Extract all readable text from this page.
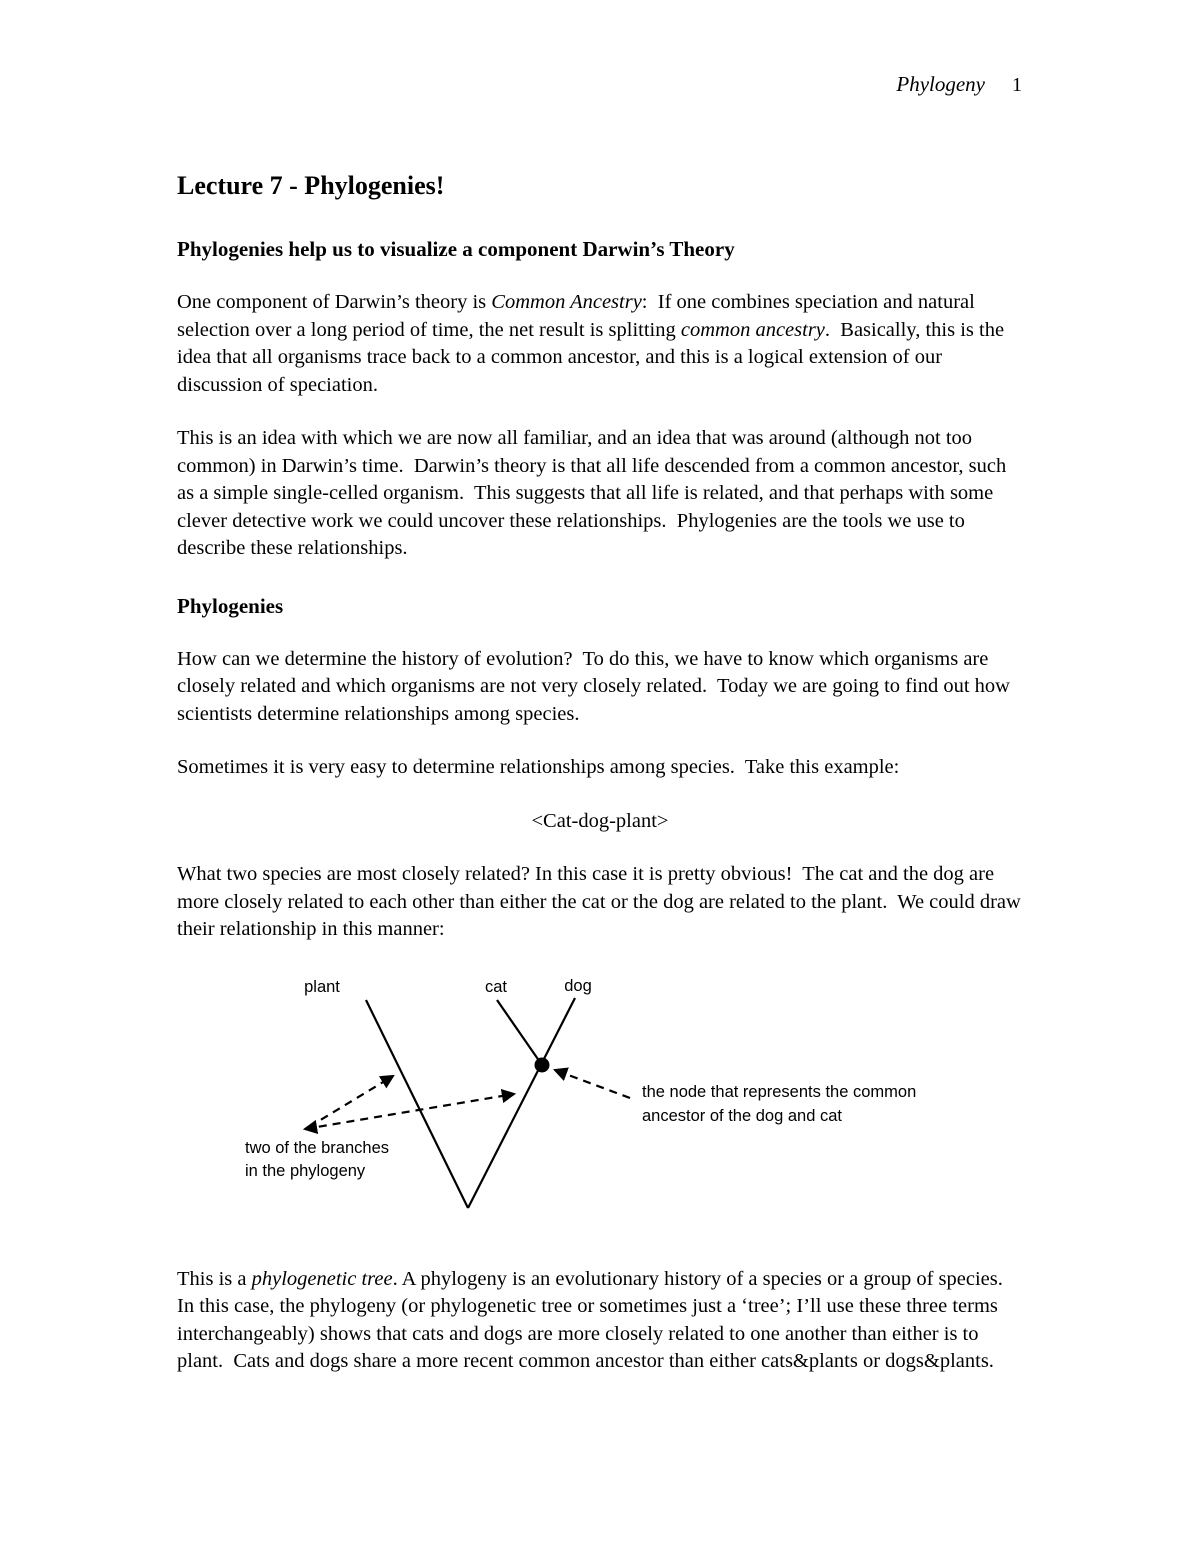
Phylogeny 1
Lecture 7 - Phylogenies!
Phylogenies help us to visualize a component Darwin’s Theory

One component of Darwin’s theory is Common Ancestry:  If one combines speciation and natural selection over a long period of time, the net result is splitting common ancestry.  Basically, this is the idea that all organisms trace back to a common ancestor, and this is a logical extension of our discussion of speciation.

This is an idea with which we are now all familiar, and an idea that was around (although not too common) in Darwin’s time.  Darwin’s theory is that all life descended from a common ancestor, such as a simple single-celled organism.  This suggests that all life is related, and that perhaps with some clever detective work we could uncover these relationships.  Phylogenies are the tools we use to describe these relationships.

Phylogenies

How can we determine the history of evolution?  To do this, we have to know which organisms are closely related and which organisms are not very closely related.  Today we are going to find out how scientists determine relationships among species.

Sometimes it is very easy to determine relationships among species.  Take this example:

<Cat-dog-plant>

What two species are most closely related? In this case it is pretty obvious!  The cat and the dog are more closely related to each other than either the cat or the dog are related to the plant.  We could draw their relationship in this manner:

plant	cat	dog
the node that represents the common
ancestor of the dog and cat
two of the branches
in the phylogeny

This is a phylogenetic tree. A phylogeny is an evolutionary history of a species or a group of species.  In this case, the phylogeny (or phylogenetic tree or sometimes just a ‘tree’; I’ll use these three terms interchangeably) shows that cats and dogs are more closely related to one another than either is to plant.  Cats and dogs share a more recent common ancestor than either cats&plants or dogs&plants.
